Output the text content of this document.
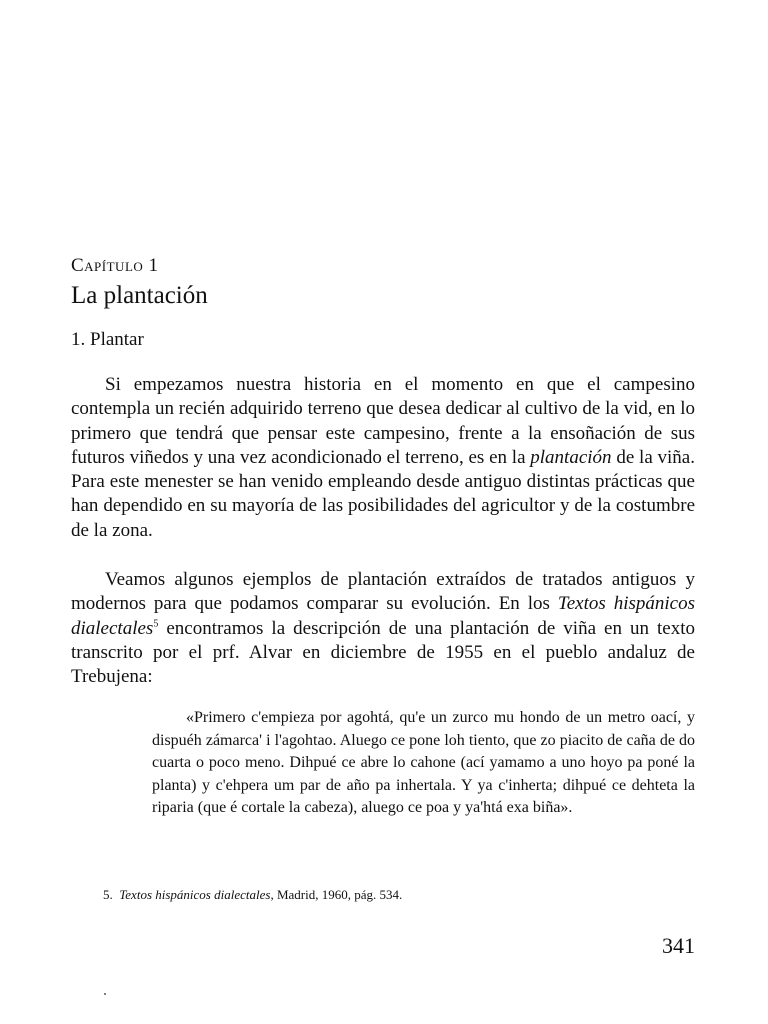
Capítulo 1
La plantación
1. Plantar

Si empezamos nuestra historia en el momento en que el campesino contempla un recién adquirido terreno que desea dedicar al cultivo de la vid, en lo primero que tendrá que pensar este campesino, frente a la ensoñación de sus futuros viñedos y una vez acondicionado el terreno, es en la plantación de la viña. Para este menester se han venido empleando desde antiguo distintas prácticas que han dependido en su mayoría de las posibilidades del agricultor y de la costumbre de la zona.

Veamos algunos ejemplos de plantación extraídos de tratados antiguos y modernos para que podamos comparar su evolución. En los Textos hispánicos dialectales$^5$ encontramos la descripción de una plantación de viña en un texto transcrito por el prf. Alvar en diciembre de 1955 en el pueblo andaluz de Trebujena:

«Primero c'empieza por agohtá, qu'e un zurco mu hondo de un metro oací, y dispuéh zámarca' i l'agohtao. Aluego ce pone loh tiento, que zo piacito de caña de do cuarta o poco meno. Dihpué ce abre lo cahone (ací yamamo a uno hoyo pa poné la planta) y c'ehpera um par de año pa inhertala. Y ya c'inherta; dihpué ce dehteta la riparia (que é cortale la cabeza), aluego ce poa y ya'htá exa biña».

5. Textos hispánicos dialectales, Madrid, 1960, pág. 534.
341
